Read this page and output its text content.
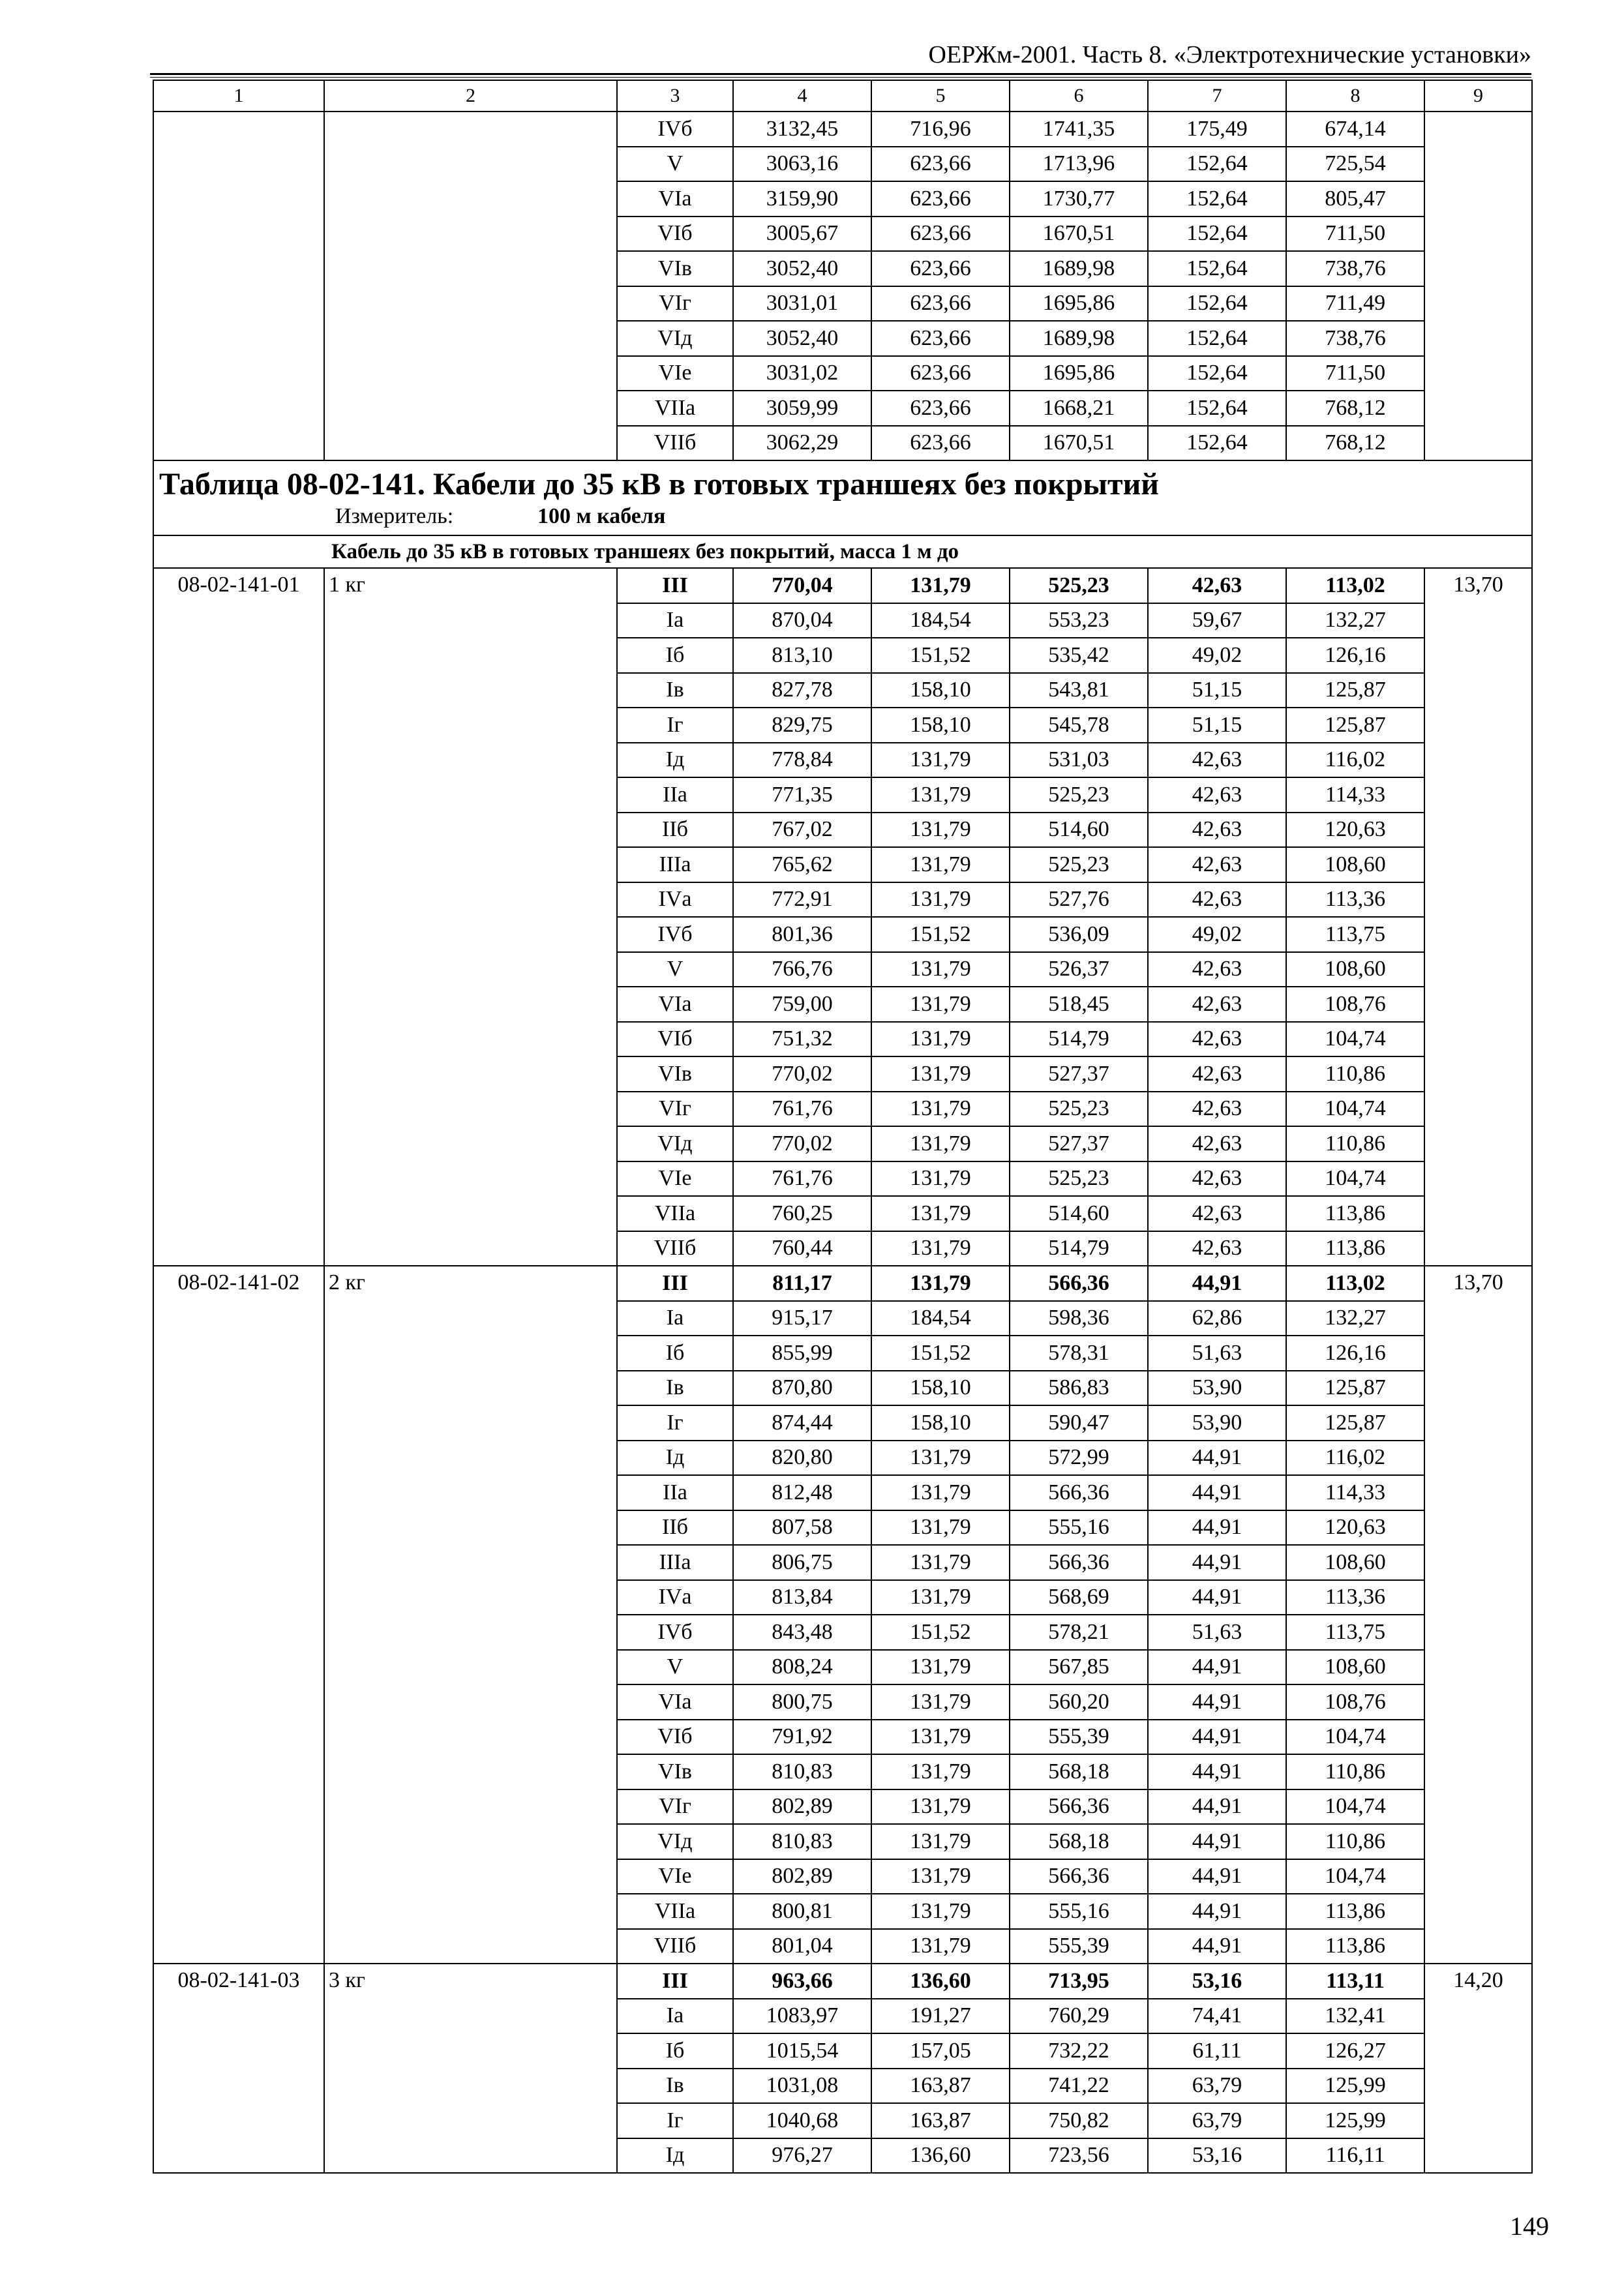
ОЕРЖм-2001. Часть 8. «Электротехнические установки»
1	2	3	4	5	6	7	8	9
		IVб	3132,45	716,96	1741,35	175,49	674,14	
		V	3063,16	623,66	1713,96	152,64	725,54	
		VIа	3159,90	623,66	1730,77	152,64	805,47	
		VIб	3005,67	623,66	1670,51	152,64	711,50	
		VIв	3052,40	623,66	1689,98	152,64	738,76	
		VIг	3031,01	623,66	1695,86	152,64	711,49	
		VIд	3052,40	623,66	1689,98	152,64	738,76	
		VIе	3031,02	623,66	1695,86	152,64	711,50	
		VIIа	3059,99	623,66	1668,21	152,64	768,12	
		VIIб	3062,29	623,66	1670,51	152,64	768,12	

Таблица 08-02-141. Кабели до 35 кВ в готовых траншеях без покрытий
Измеритель: 100 м кабеля								

Кабель до 35 кВ в готовых траншеях без покрытий, масса 1 м до								
08-02-141-01	1 кг	III	770,04	131,79	525,23	42,63	113,02	13,70
		Iа	870,04	184,54	553,23	59,67	132,27	
		Iб	813,10	151,52	535,42	49,02	126,16	
		Iв	827,78	158,10	543,81	51,15	125,87	
		Iг	829,75	158,10	545,78	51,15	125,87	
		Iд	778,84	131,79	531,03	42,63	116,02	
		IIа	771,35	131,79	525,23	42,63	114,33	
		IIб	767,02	131,79	514,60	42,63	120,63	
		IIIа	765,62	131,79	525,23	42,63	108,60	
		IVа	772,91	131,79	527,76	42,63	113,36	
		IVб	801,36	151,52	536,09	49,02	113,75	
		V	766,76	131,79	526,37	42,63	108,60	
		VIа	759,00	131,79	518,45	42,63	108,76	
		VIб	751,32	131,79	514,79	42,63	104,74	
		VIв	770,02	131,79	527,37	42,63	110,86	
		VIг	761,76	131,79	525,23	42,63	104,74	
		VIд	770,02	131,79	527,37	42,63	110,86	
		VIе	761,76	131,79	525,23	42,63	104,74	
		VIIа	760,25	131,79	514,60	42,63	113,86	
		VIIб	760,44	131,79	514,79	42,63	113,86	
08-02-141-02	2 кг	III	811,17	131,79	566,36	44,91	113,02	13,70
		Iа	915,17	184,54	598,36	62,86	132,27	
		Iб	855,99	151,52	578,31	51,63	126,16	
		Iв	870,80	158,10	586,83	53,90	125,87	
		Iг	874,44	158,10	590,47	53,90	125,87	
		Iд	820,80	131,79	572,99	44,91	116,02	
		IIа	812,48	131,79	566,36	44,91	114,33	
		IIб	807,58	131,79	555,16	44,91	120,63	
		IIIа	806,75	131,79	566,36	44,91	108,60	
		IVа	813,84	131,79	568,69	44,91	113,36	
		IVб	843,48	151,52	578,21	51,63	113,75	
		V	808,24	131,79	567,85	44,91	108,60	
		VIа	800,75	131,79	560,20	44,91	108,76	
		VIб	791,92	131,79	555,39	44,91	104,74	
		VIв	810,83	131,79	568,18	44,91	110,86	
		VIг	802,89	131,79	566,36	44,91	104,74	
		VIд	810,83	131,79	568,18	44,91	110,86	
		VIе	802,89	131,79	566,36	44,91	104,74	
		VIIа	800,81	131,79	555,16	44,91	113,86	
		VIIб	801,04	131,79	555,39	44,91	113,86	
08-02-141-03	3 кг	III	963,66	136,60	713,95	53,16	113,11	14,20
		Iа	1083,97	191,27	760,29	74,41	132,41	
		Iб	1015,54	157,05	732,22	61,11	126,27	
		Iв	1031,08	163,87	741,22	63,79	125,99	
		Iг	1040,68	163,87	750,82	63,79	125,99	
		Iд	976,27	136,60	723,56	53,16	116,11	
149
